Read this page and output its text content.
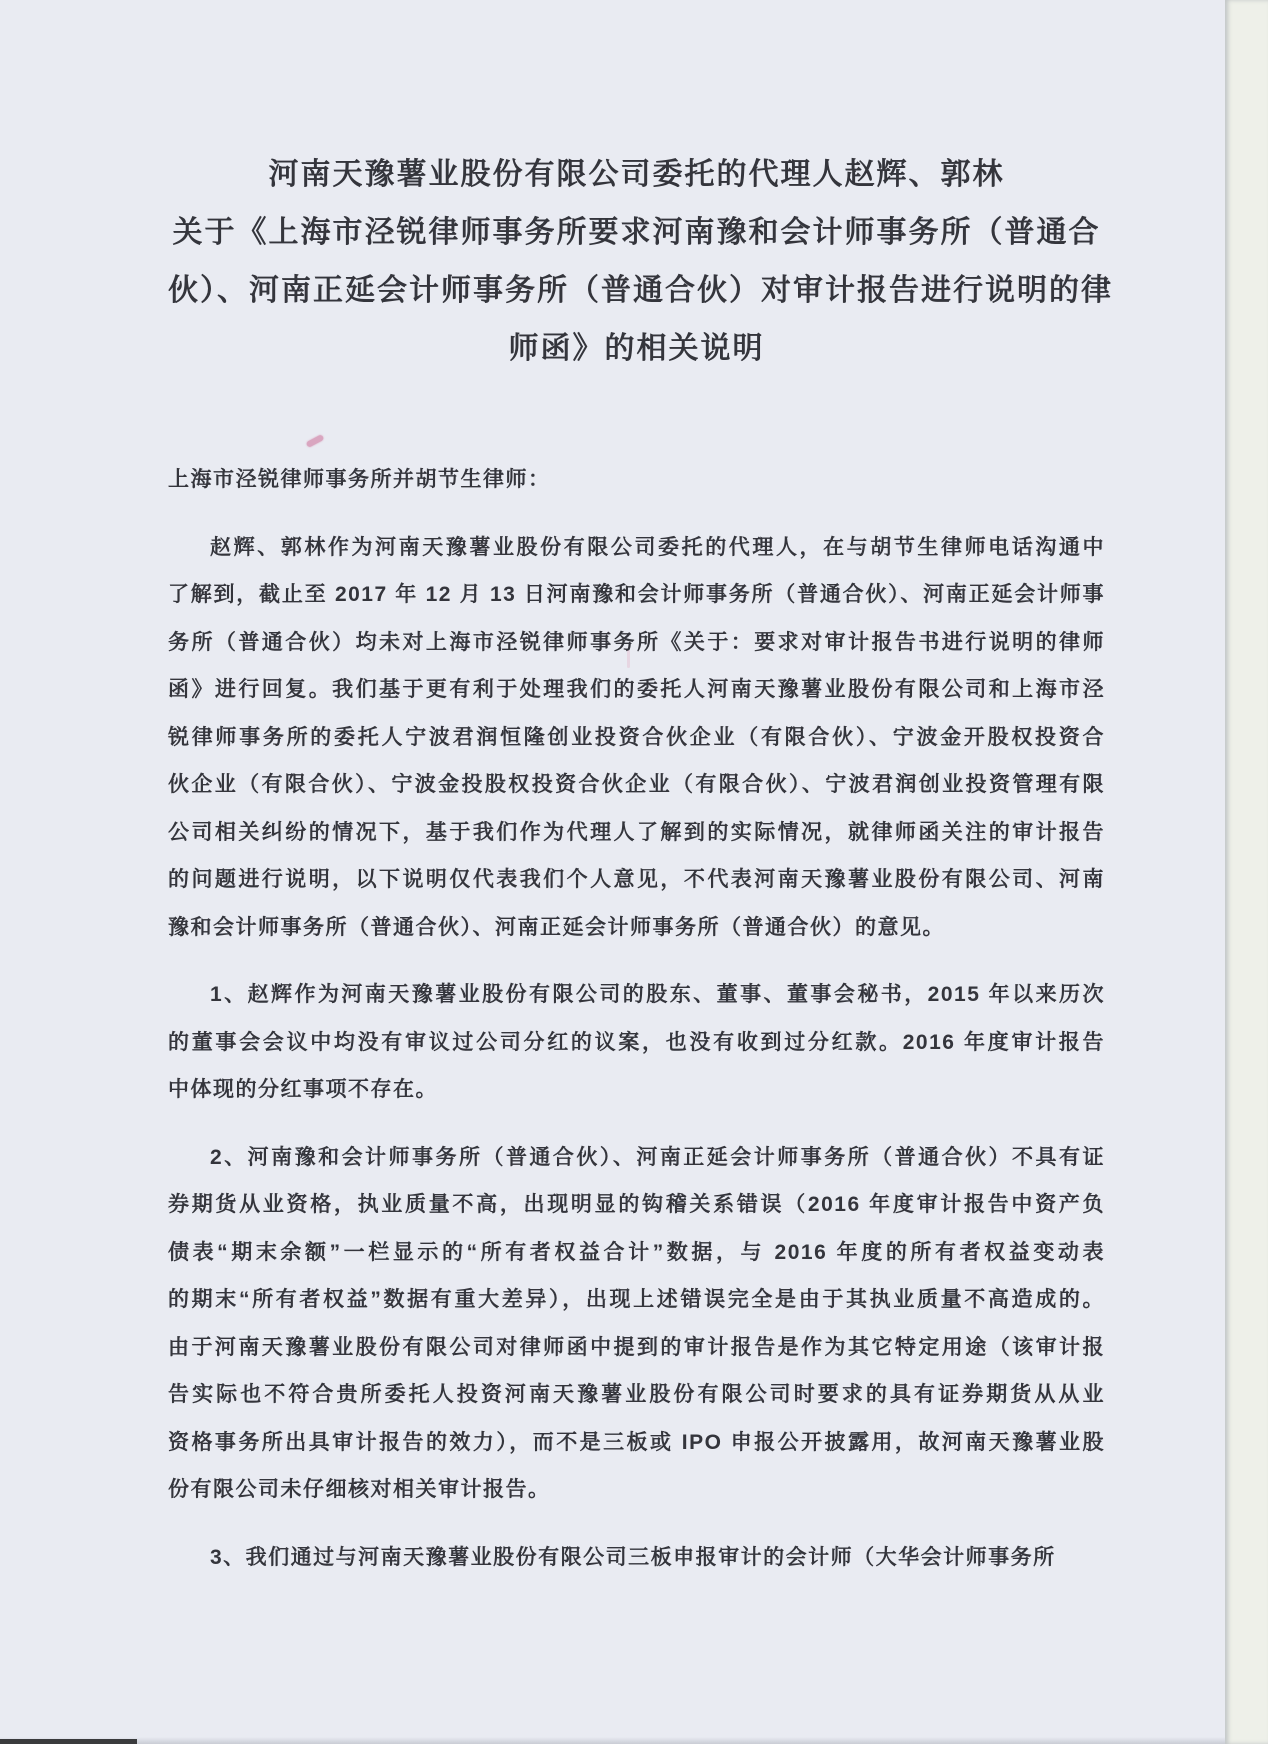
河南天豫薯业股份有限公司委托的代理人赵辉、郭林
关于《上海市泾锐律师事务所要求河南豫和会计师事务所（普通合
伙）、河南正延会计师事务所（普通合伙）对审计报告进行说明的律
师函》的相关说明
上海市泾锐律师事务所并胡节生律师：
赵辉、郭林作为河南天豫薯业股份有限公司委托的代理人，在与胡节生律师电话沟通中
了解到，截止至 2017 年 12 月 13 日河南豫和会计师事务所（普通合伙）、河南正延会计师事
务所（普通合伙）均未对上海市泾锐律师事务所《关于：要求对审计报告书进行说明的律师
函》进行回复。我们基于更有利于处理我们的委托人河南天豫薯业股份有限公司和上海市泾
锐律师事务所的委托人宁波君润恒隆创业投资合伙企业（有限合伙）、宁波金开股权投资合
伙企业（有限合伙）、宁波金投股权投资合伙企业（有限合伙）、宁波君润创业投资管理有限
公司相关纠纷的情况下，基于我们作为代理人了解到的实际情况，就律师函关注的审计报告
的问题进行说明，以下说明仅代表我们个人意见，不代表河南天豫薯业股份有限公司、河南
豫和会计师事务所（普通合伙）、河南正延会计师事务所（普通合伙）的意见。
1、赵辉作为河南天豫薯业股份有限公司的股东、董事、董事会秘书，2015 年以来历次
的董事会会议中均没有审议过公司分红的议案，也没有收到过分红款。2016 年度审计报告
中体现的分红事项不存在。
2、河南豫和会计师事务所（普通合伙）、河南正延会计师事务所（普通合伙）不具有证
券期货从业资格，执业质量不高，出现明显的钩稽关系错误（2016 年度审计报告中资产负
债表“期末余额”一栏显示的“所有者权益合计”数据，与 2016 年度的所有者权益变动表
的期末“所有者权益”数据有重大差异），出现上述错误完全是由于其执业质量不高造成的。
由于河南天豫薯业股份有限公司对律师函中提到的审计报告是作为其它特定用途（该审计报
告实际也不符合贵所委托人投资河南天豫薯业股份有限公司时要求的具有证券期货从从业
资格事务所出具审计报告的效力），而不是三板或 IPO 申报公开披露用，故河南天豫薯业股
份有限公司未仔细核对相关审计报告。
3、我们通过与河南天豫薯业股份有限公司三板申报审计的会计师（大华会计师事务所
